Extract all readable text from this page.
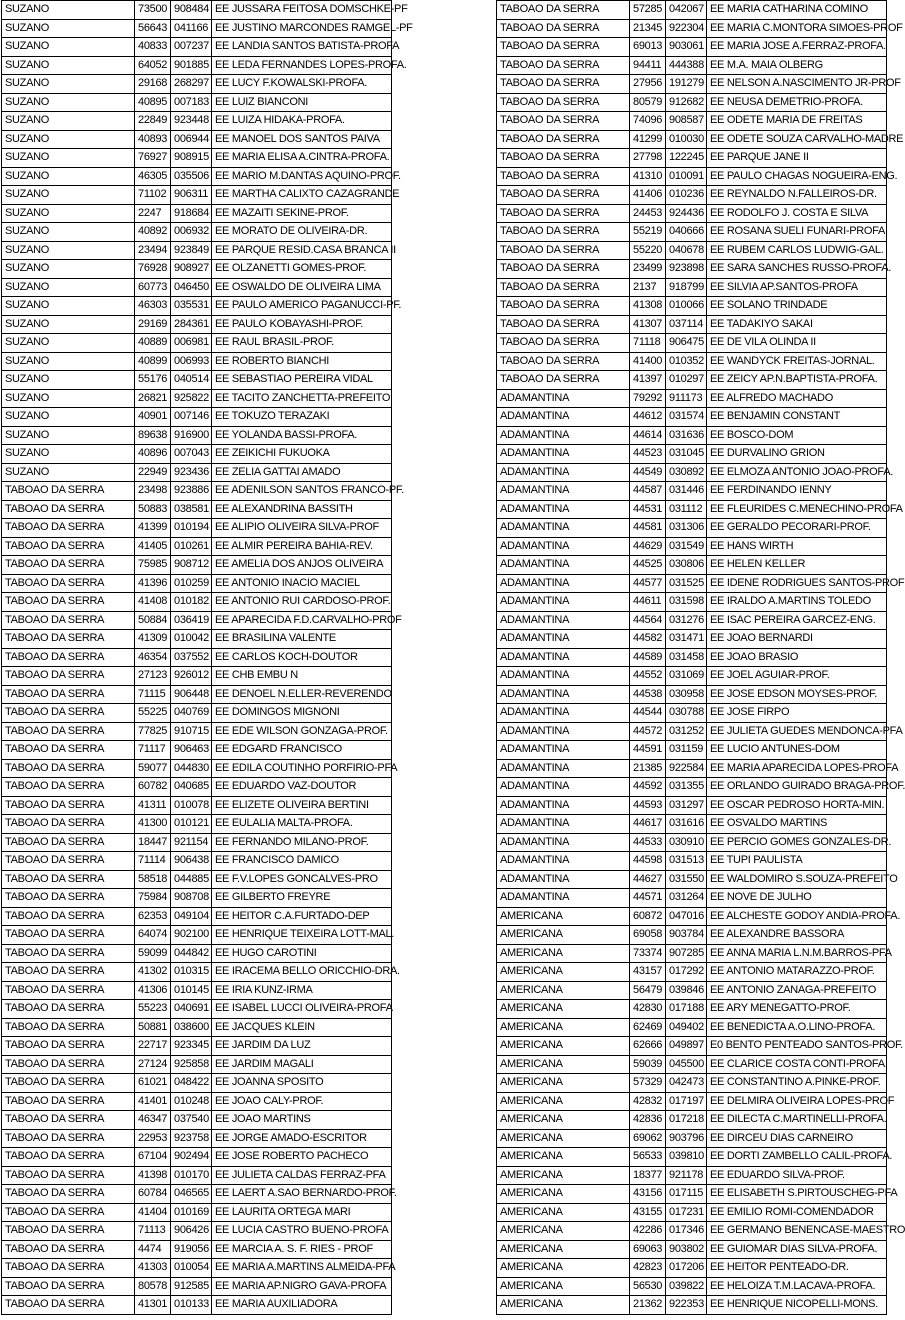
SUZANO	73500	908484	EE JUSSARA FEITOSA DOMSCHKE-PF
SUZANO	56643	041166	EE JUSTINO MARCONDES RAMGEL-PF
SUZANO	40833	007237	EE LANDIA SANTOS BATISTA-PROFA
SUZANO	64052	901885	EE LEDA FERNANDES LOPES-PROFA.
SUZANO	29168	268297	EE LUCY F.KOWALSKI-PROFA.
SUZANO	40895	007183	EE LUIZ BIANCONI
SUZANO	22849	923448	EE LUIZA HIDAKA-PROFA.
SUZANO	40893	006944	EE MANOEL DOS SANTOS PAIVA
SUZANO	76927	908915	EE MARIA ELISA A.CINTRA-PROFA.
SUZANO	46305	035506	EE MARIO M.DANTAS AQUINO-PROF.
SUZANO	71102	906311	EE MARTHA CALIXTO CAZAGRANDE
SUZANO	2247	918684	EE MAZAITI SEKINE-PROF.
SUZANO	40892	006932	EE MORATO DE OLIVEIRA-DR.
SUZANO	23494	923849	EE PARQUE RESID.CASA BRANCA II
SUZANO	76928	908927	EE OLZANETTI GOMES-PROF.
SUZANO	60773	046450	EE OSWALDO DE OLIVEIRA LIMA
SUZANO	46303	035531	EE PAULO AMERICO PAGANUCCI-PF.
SUZANO	29169	284361	EE PAULO KOBAYASHI-PROF.
SUZANO	40889	006981	EE RAUL BRASIL-PROF.
SUZANO	40899	006993	EE ROBERTO BIANCHI
SUZANO	55176	040514	EE SEBASTIAO PEREIRA VIDAL
SUZANO	26821	925822	EE TACITO ZANCHETTA-PREFEITO
SUZANO	40901	007146	EE TOKUZO TERAZAKI
SUZANO	89638	916900	EE YOLANDA BASSI-PROFA.
SUZANO	40896	007043	EE ZEIKICHI FUKUOKA
SUZANO	22949	923436	EE ZELIA GATTAI AMADO
TABOAO DA SERRA	23498	923886	EE ADENILSON SANTOS FRANCO-PF.
TABOAO DA SERRA	50883	038581	EE ALEXANDRINA BASSITH
TABOAO DA SERRA	41399	010194	EE ALIPIO OLIVEIRA SILVA-PROF
TABOAO DA SERRA	41405	010261	EE ALMIR PEREIRA BAHIA-REV.
TABOAO DA SERRA	75985	908712	EE AMELIA DOS ANJOS OLIVEIRA
TABOAO DA SERRA	41396	010259	EE ANTONIO INACIO MACIEL
TABOAO DA SERRA	41408	010182	EE ANTONIO RUI CARDOSO-PROF.
TABOAO DA SERRA	50884	036419	EE APARECIDA F.D.CARVALHO-PROF
TABOAO DA SERRA	41309	010042	EE BRASILINA VALENTE
TABOAO DA SERRA	46354	037552	EE CARLOS KOCH-DOUTOR
TABOAO DA SERRA	27123	926012	EE CHB EMBU N
TABOAO DA SERRA	71115	906448	EE DENOEL N.ELLER-REVERENDO
TABOAO DA SERRA	55225	040769	EE DOMINGOS MIGNONI
TABOAO DA SERRA	77825	910715	EE EDE WILSON GONZAGA-PROF.
TABOAO DA SERRA	71117	906463	EE EDGARD FRANCISCO
TABOAO DA SERRA	59077	044830	EE EDILA COUTINHO PORFIRIO-PFA
TABOAO DA SERRA	60782	040685	EE EDUARDO VAZ-DOUTOR
TABOAO DA SERRA	41311	010078	EE ELIZETE OLIVEIRA BERTINI
TABOAO DA SERRA	41300	010121	EE EULALIA MALTA-PROFA.
TABOAO DA SERRA	18447	921154	EE FERNANDO MILANO-PROF.
TABOAO DA SERRA	71114	906438	EE FRANCISCO DAMICO
TABOAO DA SERRA	58518	044885	EE F.V.LOPES GONCALVES-PRO
TABOAO DA SERRA	75984	908708	EE GILBERTO FREYRE
TABOAO DA SERRA	62353	049104	EE HEITOR C.A.FURTADO-DEP
TABOAO DA SERRA	64074	902100	EE HENRIQUE TEIXEIRA LOTT-MAL.
TABOAO DA SERRA	59099	044842	EE HUGO CAROTINI
TABOAO DA SERRA	41302	010315	EE IRACEMA BELLO ORICCHIO-DRA.
TABOAO DA SERRA	41306	010145	EE IRIA KUNZ-IRMA
TABOAO DA SERRA	55223	040691	EE ISABEL LUCCI OLIVEIRA-PROFA
TABOAO DA SERRA	50881	038600	EE JACQUES KLEIN
TABOAO DA SERRA	22717	923345	EE JARDIM DA LUZ
TABOAO DA SERRA	27124	925858	EE JARDIM MAGALI
TABOAO DA SERRA	61021	048422	EE JOANNA SPOSITO
TABOAO DA SERRA	41401	010248	EE JOAO CALY-PROF.
TABOAO DA SERRA	46347	037540	EE JOAO MARTINS
TABOAO DA SERRA	22953	923758	EE JORGE AMADO-ESCRITOR
TABOAO DA SERRA	67104	902494	EE JOSE ROBERTO PACHECO
TABOAO DA SERRA	41398	010170	EE JULIETA CALDAS FERRAZ-PFA
TABOAO DA SERRA	60784	046565	EE LAERT A.SAO BERNARDO-PROF.
TABOAO DA SERRA	41404	010169	EE LAURITA ORTEGA MARI
TABOAO DA SERRA	71113	906426	EE LUCIA CASTRO BUENO-PROFA
TABOAO DA SERRA	4474	919056	EE MARCIA A. S. F. RIES - PROF
TABOAO DA SERRA	41303	010054	EE MARIA A.MARTINS ALMEIDA-PFA
TABOAO DA SERRA	80578	912585	EE MARIA AP.NIGRO GAVA-PROFA
TABOAO DA SERRA	41301	010133	EE MARIA AUXILIADORA
TABOAO DA SERRA	57285	042067	EE MARIA CATHARINA COMINO
TABOAO DA SERRA	21345	922304	EE MARIA C.MONTORA SIMOES-PROF
TABOAO DA SERRA	69013	903061	EE MARIA JOSE A.FERRAZ-PROFA.
TABOAO DA SERRA	94411	444388	EE M.A. MAIA OLBERG
TABOAO DA SERRA	27956	191279	EE NELSON A.NASCIMENTO JR-PROF
TABOAO DA SERRA	80579	912682	EE NEUSA DEMETRIO-PROFA.
TABOAO DA SERRA	74096	908587	EE ODETE MARIA DE FREITAS
TABOAO DA SERRA	41299	010030	EE ODETE SOUZA CARVALHO-MADRE
TABOAO DA SERRA	27798	122245	EE PARQUE JANE II
TABOAO DA SERRA	41310	010091	EE PAULO CHAGAS NOGUEIRA-ENG.
TABOAO DA SERRA	41406	010236	EE REYNALDO N.FALLEIROS-DR.
TABOAO DA SERRA	24453	924436	EE RODOLFO J. COSTA E SILVA
TABOAO DA SERRA	55219	040666	EE ROSANA SUELI FUNARI-PROFA.
TABOAO DA SERRA	55220	040678	EE RUBEM CARLOS LUDWIG-GAL.
TABOAO DA SERRA	23499	923898	EE SARA SANCHES RUSSO-PROFA.
TABOAO DA SERRA	2137	918799	EE SILVIA AP.SANTOS-PROFA
TABOAO DA SERRA	41308	010066	EE SOLANO TRINDADE
TABOAO DA SERRA	41307	037114	EE TADAKIYO SAKAI
TABOAO DA SERRA	71118	906475	EE DE VILA OLINDA II
TABOAO DA SERRA	41400	010352	EE WANDYCK FREITAS-JORNAL.
TABOAO DA SERRA	41397	010297	EE ZEICY AP.N.BAPTISTA-PROFA.
ADAMANTINA	79292	911173	EE ALFREDO MACHADO
ADAMANTINA	44612	031574	EE BENJAMIN CONSTANT
ADAMANTINA	44614	031636	EE BOSCO-DOM
ADAMANTINA	44523	031045	EE DURVALINO GRION
ADAMANTINA	44549	030892	EE ELMOZA ANTONIO JOAO-PROFA.
ADAMANTINA	44587	031446	EE FERDINANDO IENNY
ADAMANTINA	44531	031112	EE FLEURIDES C.MENECHINO-PROFA
ADAMANTINA	44581	031306	EE GERALDO PECORARI-PROF.
ADAMANTINA	44629	031549	EE HANS WIRTH
ADAMANTINA	44525	030806	EE HELEN KELLER
ADAMANTINA	44577	031525	EE IDENE RODRIGUES SANTOS-PROF
ADAMANTINA	44611	031598	EE IRALDO A.MARTINS TOLEDO
ADAMANTINA	44564	031276	EE ISAC PEREIRA GARCEZ-ENG.
ADAMANTINA	44582	031471	EE JOAO BERNARDI
ADAMANTINA	44589	031458	EE JOAO BRASIO
ADAMANTINA	44552	031069	EE JOEL AGUIAR-PROF.
ADAMANTINA	44538	030958	EE JOSE EDSON MOYSES-PROF.
ADAMANTINA	44544	030788	EE JOSE FIRPO
ADAMANTINA	44572	031252	EE JULIETA GUEDES MENDONCA-PFA
ADAMANTINA	44591	031159	EE LUCIO ANTUNES-DOM
ADAMANTINA	21385	922584	EE MARIA APARECIDA LOPES-PROFA
ADAMANTINA	44592	031355	EE ORLANDO GUIRADO BRAGA-PROF.
ADAMANTINA	44593	031297	EE OSCAR PEDROSO HORTA-MIN.
ADAMANTINA	44617	031616	EE OSVALDO MARTINS
ADAMANTINA	44533	030910	EE PERCIO GOMES GONZALES-DR.
ADAMANTINA	44598	031513	EE TUPI PAULISTA
ADAMANTINA	44627	031550	EE WALDOMIRO S.SOUZA-PREFEITO
ADAMANTINA	44571	031264	EE NOVE DE JULHO
AMERICANA	60872	047016	EE ALCHESTE GODOY ANDIA-PROFA.
AMERICANA	69058	903784	EE ALEXANDRE BASSORA
AMERICANA	73374	907285	EE ANNA MARIA L.N.M.BARROS-PFA
AMERICANA	43157	017292	EE ANTONIO MATARAZZO-PROF.
AMERICANA	56479	039846	EE ANTONIO ZANAGA-PREFEITO
AMERICANA	42830	017188	EE ARY MENEGATTO-PROF.
AMERICANA	62469	049402	EE BENEDICTA A.O.LINO-PROFA.
AMERICANA	62666	049897	E0 BENTO PENTEADO SANTOS-PROF.
AMERICANA	59039	045500	EE CLARICE COSTA CONTI-PROFA.
AMERICANA	57329	042473	EE CONSTANTINO A.PINKE-PROF.
AMERICANA	42832	017197	EE DELMIRA OLIVEIRA LOPES-PROF
AMERICANA	42836	017218	EE DILECTA C.MARTINELLI-PROFA.
AMERICANA	69062	903796	EE DIRCEU DIAS CARNEIRO
AMERICANA	56533	039810	EE DORTI ZAMBELLO CALIL-PROFA.
AMERICANA	18377	921178	EE EDUARDO SILVA-PROF.
AMERICANA	43156	017115	EE ELISABETH S.PIRTOUSCHEG-PFA
AMERICANA	43155	017231	EE EMILIO ROMI-COMENDADOR
AMERICANA	42286	017346	EE GERMANO BENENCASE-MAESTRO
AMERICANA	69063	903802	EE GUIOMAR DIAS SILVA-PROFA.
AMERICANA	42823	017206	EE HEITOR PENTEADO-DR.
AMERICANA	56530	039822	EE HELOIZA T.M.LACAVA-PROFA.
AMERICANA	21362	922353	EE HENRIQUE NICOPELLI-MONS.
